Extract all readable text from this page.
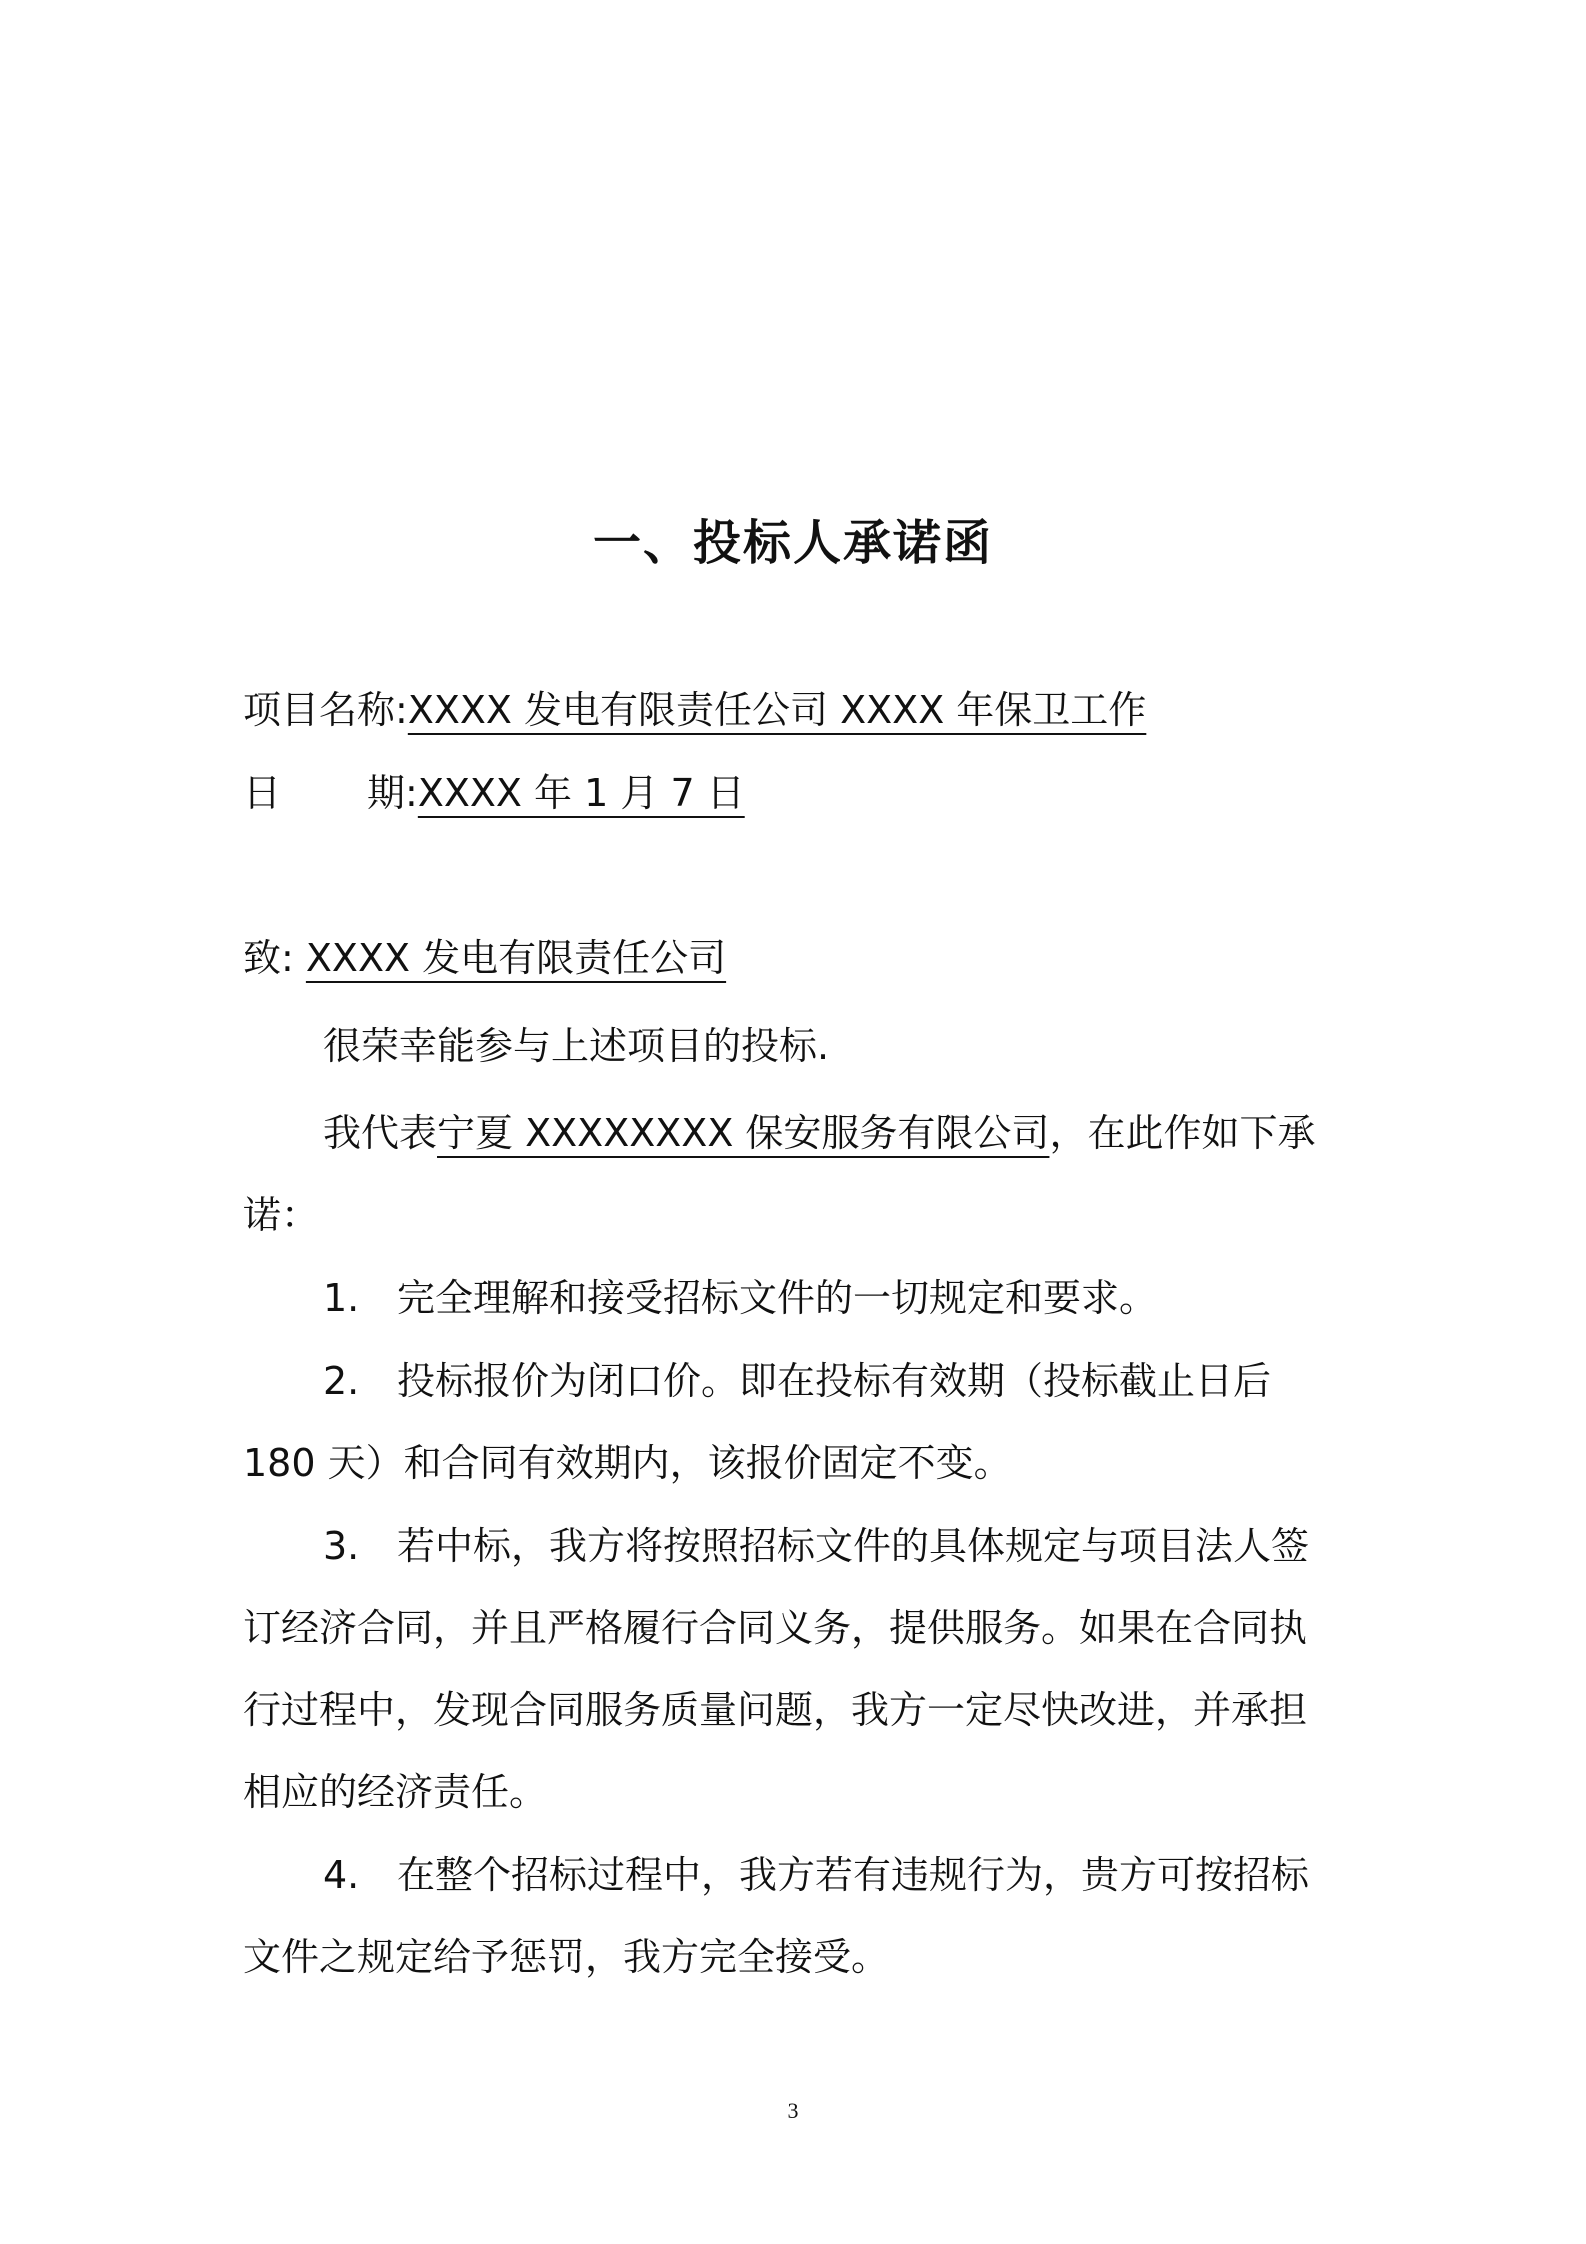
一、投标人承诺函
项目名称:XXXX 发电有限责任公司 XXXX 年保卫工作
日 期:XXXX 年 1 月 7 日
致: XXXX 发电有限责任公司
很荣幸能参与上述项目的投标.
我代表宁夏 XXXXXXXX 保安服务有限公司，在此作如下承
诺：
1. 完全理解和接受招标文件的一切规定和要求。
2. 投标报价为闭口价。即在投标有效期（投标截止日后
180 天）和合同有效期内，该报价固定不变。
3. 若中标，我方将按照招标文件的具体规定与项目法人签
订经济合同，并且严格履行合同义务，提供服务。如果在合同执
行过程中，发现合同服务质量问题，我方一定尽快改进，并承担
相应的经济责任。
4. 在整个招标过程中，我方若有违规行为，贵方可按招标
文件之规定给予惩罚，我方完全接受。
3
